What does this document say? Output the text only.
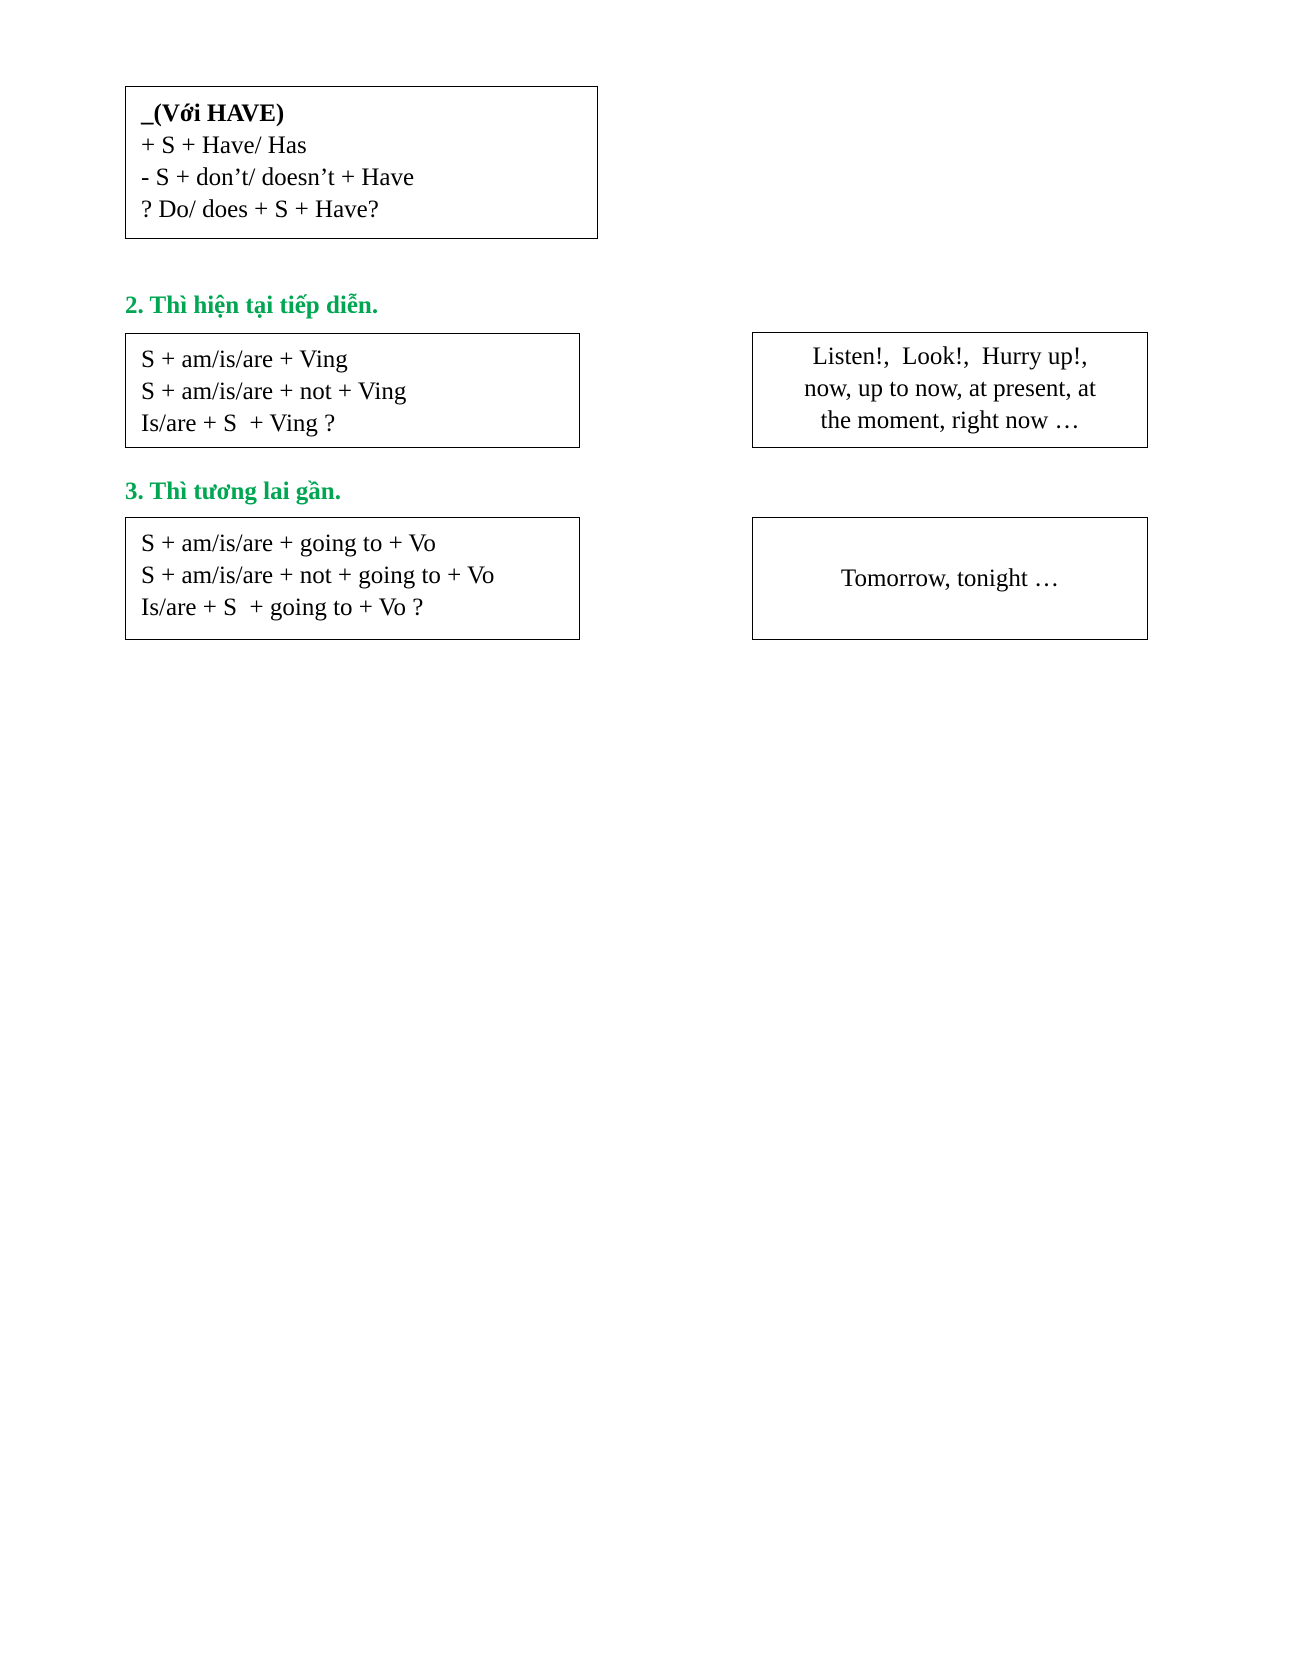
_(Với HAVE)
+ S + Have/ Has
- S + don’t/ doesn’t + Have
? Do/ does + S + Have?
2. Thì hiện tại tiếp diễn.
S + am/is/are + Ving
S + am/is/are + not + Ving
Is/are + S  + Ving ?
Listen!,  Look!,  Hurry up!,
now, up to now, at present, at
the moment, right now …
3. Thì tương lai gần.
S + am/is/are + going to + Vo
S + am/is/are + not + going to + Vo
Is/are + S  + going to + Vo ?
Tomorrow, tonight …
